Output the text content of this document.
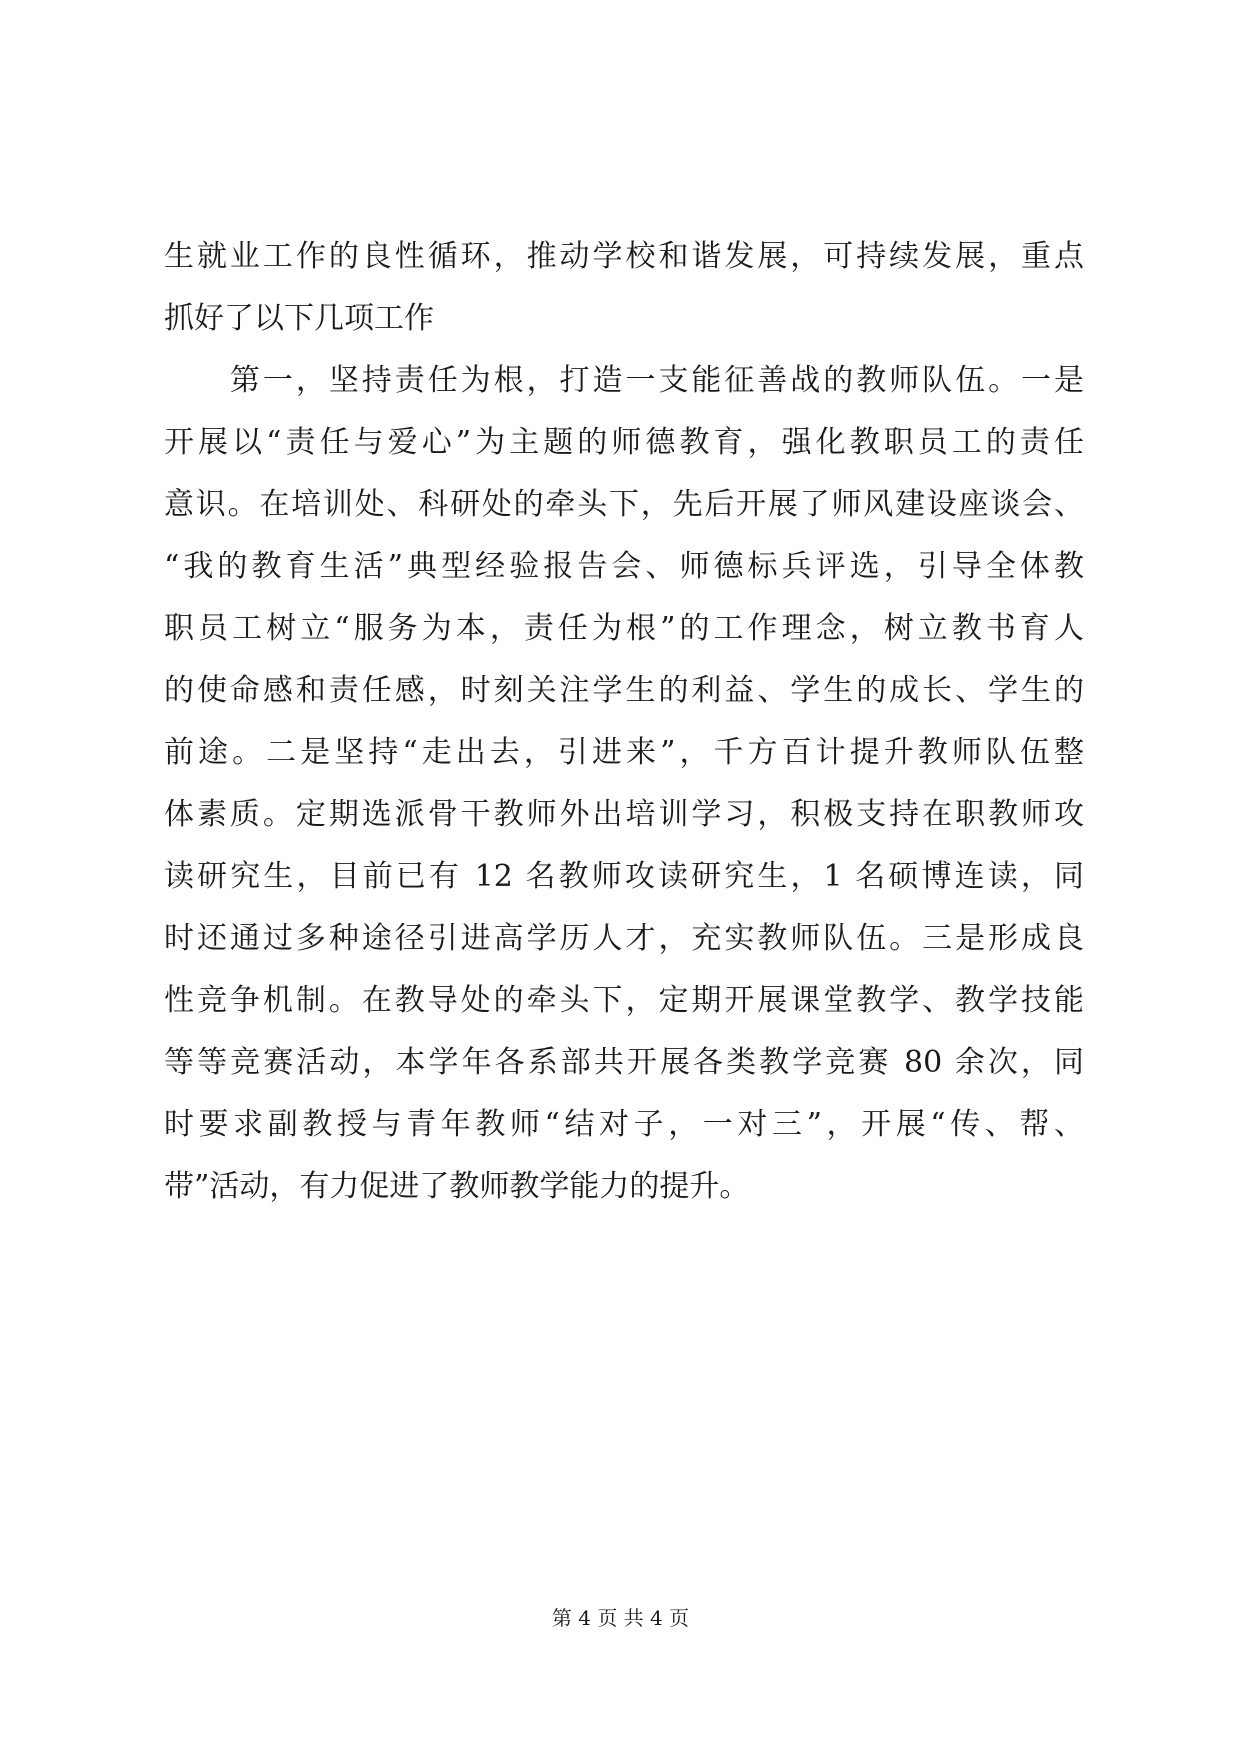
生就业工作的良性循环，推动学校和谐发展，可持续发展，重点
抓好了以下几项工作
　　第一，坚持责任为根，打造一支能征善战的教师队伍。一是
开展以“责任与爱心”为主题的师德教育，强化教职员工的责任
意识。在培训处、科研处的牵头下，先后开展了师风建设座谈会、
“我的教育生活”典型经验报告会、师德标兵评选，引导全体教
职员工树立“服务为本，责任为根”的工作理念，树立教书育人
的使命感和责任感，时刻关注学生的利益、学生的成长、学生的
前途。二是坚持“走出去，引进来”，千方百计提升教师队伍整
体素质。定期选派骨干教师外出培训学习，积极支持在职教师攻
读研究生，目前已有 12 名教师攻读研究生，1 名硕博连读，同
时还通过多种途径引进高学历人才，充实教师队伍。三是形成良
性竞争机制。在教导处的牵头下，定期开展课堂教学、教学技能
等等竞赛活动，本学年各系部共开展各类教学竞赛 80 余次，同
时要求副教授与青年教师“结对子，一对三”，开展“传、帮、
带”活动，有力促进了教师教学能力的提升。
第 4 页 共 4 页
